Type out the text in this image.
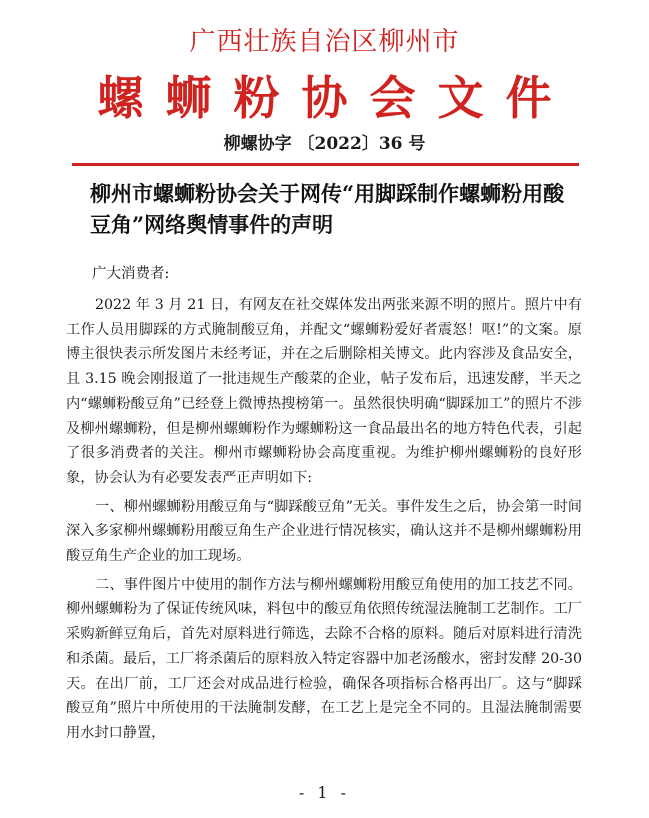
广西壮族自治区柳州市
螺蛳粉协会文件
柳螺协字 〔2022〕36 号
柳州市螺蛳粉协会关于网传“用脚踩制作螺蛳粉用酸豆角”网络舆情事件的声明
广大消费者:

2022 年 3 月 21 日，有网友在社交媒体发出两张来源不明的照片。照片中有工作人员用脚踩的方式腌制酸豆角，并配文“螺蛳粉爱好者震怒！呕!”的文案。原博主很快表示所发图片未经考证，并在之后删除相关博文。此内容涉及食品安全，且 3.15 晚会刚报道了一批违规生产酸菜的企业，帖子发布后，迅速发酵，半天之内“螺蛳粉酸豆角”已经登上微博热搜榜第一。虽然很快明确“脚踩加工”的照片不涉及柳州螺蛳粉，但是柳州螺蛳粉作为螺蛳粉这一食品最出名的地方特色代表，引起了很多消费者的关注。柳州市螺蛳粉协会高度重视。为维护柳州螺蛳粉的良好形象，协会认为有必要发表严正声明如下:

一、柳州螺蛳粉用酸豆角与“脚踩酸豆角”无关。事件发生之后，协会第一时间深入多家柳州螺蛳粉用酸豆角生产企业进行情况核实，确认这并不是柳州螺蛳粉用酸豆角生产企业的加工现场。

二、事件图片中使用的制作方法与柳州螺蛳粉用酸豆角使用的加工技艺不同。柳州螺蛳粉为了保证传统风味，料包中的酸豆角依照传统湿法腌制工艺制作。工厂采购新鲜豆角后，首先对原料进行筛选，去除不合格的原料。随后对原料进行清洗和杀菌。最后，工厂将杀菌后的原料放入特定容器中加老汤酸水，密封发酵 20-30 天。在出厂前，工厂还会对成品进行检验，确保各项指标合格再出厂。这与“脚踩酸豆角”照片中所使用的干法腌制发酵，在工艺上是完全不同的。且湿法腌制需要用水封口静置，

- 1 -
